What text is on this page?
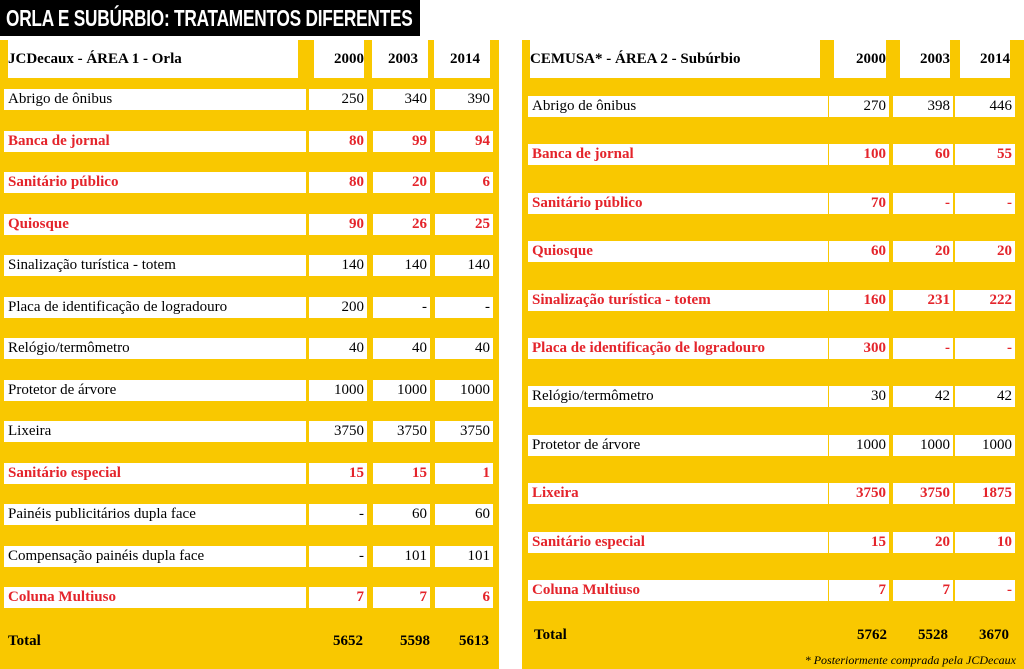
ORLA E SUBÚRBIO: TRATAMENTOS DIFERENTES
JCDecaux - ÁREA 1 - Orla	2000	2003	2014
Abrigo de ônibus	250	340	390
Banca de jornal	80	99	94
Sanitário público	80	20	6
Quiosque	90	26	25
Sinalização turística - totem	140	140	140
Placa de identificação de logradouro	200	-	-
Relógio/termômetro	40	40	40
Protetor de árvore	1000	1000	1000
Lixeira	3750	3750	3750
Sanitário especial	15	15	1
Painéis publicitários dupla face	-	60	60
Compensação painéis dupla face	-	101	101
Coluna Multiuso	7	7	6
Total	5652	5598	5613
CEMUSA* - ÁREA 2 - Subúrbio	2000	2003	2014
Abrigo de ônibus	270	398	446
Banca de jornal	100	60	55
Sanitário público	70	-	-
Quiosque	60	20	20
Sinalização turística - totem	160	231	222
Placa de identificação de logradouro	300	-	-
Relógio/termômetro	30	42	42
Protetor de árvore	1000	1000	1000
Lixeira	3750	3750	1875
Sanitário especial	15	20	10
Coluna Multiuso	7	7	-
Total	5762	5528	3670
* Posteriormente comprada pela JCDecaux
